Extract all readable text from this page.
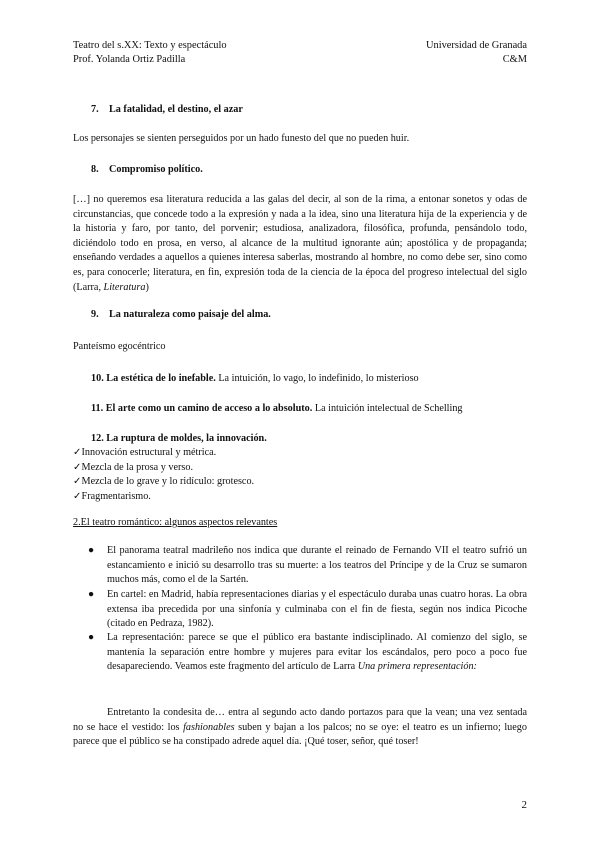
Teatro del s.XX: Texto y espectáculo
Prof. Yolanda Ortiz Padilla
Universidad de Granada
C&M
7. La fatalidad, el destino, el azar
Los personajes se sienten perseguidos por un hado funesto del que no pueden huir.
8. Compromiso político.
[…] no queremos esa literatura reducida a las galas del decir, al son de la rima, a entonar sonetos y odas de circunstancias, que concede todo a la expresión y nada a la idea, sino una literatura hija de la experiencia y de la historia y faro, por tanto, del porvenir; estudiosa, analizadora, filosófica, profunda, pensándolo todo, diciéndolo todo en prosa, en verso, al alcance de la multitud ignorante aún; apostólica y de propaganda; enseñando verdades a aquellos a quienes interesa saberlas, mostrando al hombre, no como debe ser, sino como es, para conocerle; literatura, en fin, expresión toda de la ciencia de la época del progreso intelectual del siglo (Larra, Literatura)
9. La naturaleza como paisaje del alma.
Panteísmo egocéntrico
10. La estética de lo inefable. La intuición, lo vago, lo indefinido, lo misterioso
11. El arte como un camino de acceso a lo absoluto. La intuición intelectual de Schelling
12. La ruptura de moldes, la innovación.
✓Innovación estructural y métrica.
✓Mezcla de la prosa y verso.
✓Mezcla de lo grave y lo ridículo: grotesco.
✓Fragmentarismo.
2.El teatro romántico: algunos aspectos relevantes
● El panorama teatral madrileño nos indica que durante el reinado de Fernando VII el teatro sufrió un estancamiento e inició su desarrollo tras su muerte: a los teatros del Príncipe y de la Cruz se sumaron muchos más, como el de la Sartén.
● En cartel: en Madrid, había representaciones diarias y el espectáculo duraba unas cuatro horas. La obra extensa iba precedida por una sinfonía y culminaba con el fin de fiesta, según nos indica Picoche (citado en Pedraza, 1982).
● La representación: parece se que el público era bastante indisciplinado. Al comienzo del siglo, se mantenía la separación entre hombre y mujeres para evitar los escándalos, pero poco a poco fue desapareciendo. Veamos este fragmento del artículo de Larra Una primera representación:
Entretanto la condesita de… entra al segundo acto dando portazos para que la vean; una vez sentada no se hace el vestido: los fashionables suben y bajan a los palcos; no se oye: el teatro es un infierno; luego parece que el público se ha constipado adrede aquel día. ¡Qué toser, señor, qué toser!
2
